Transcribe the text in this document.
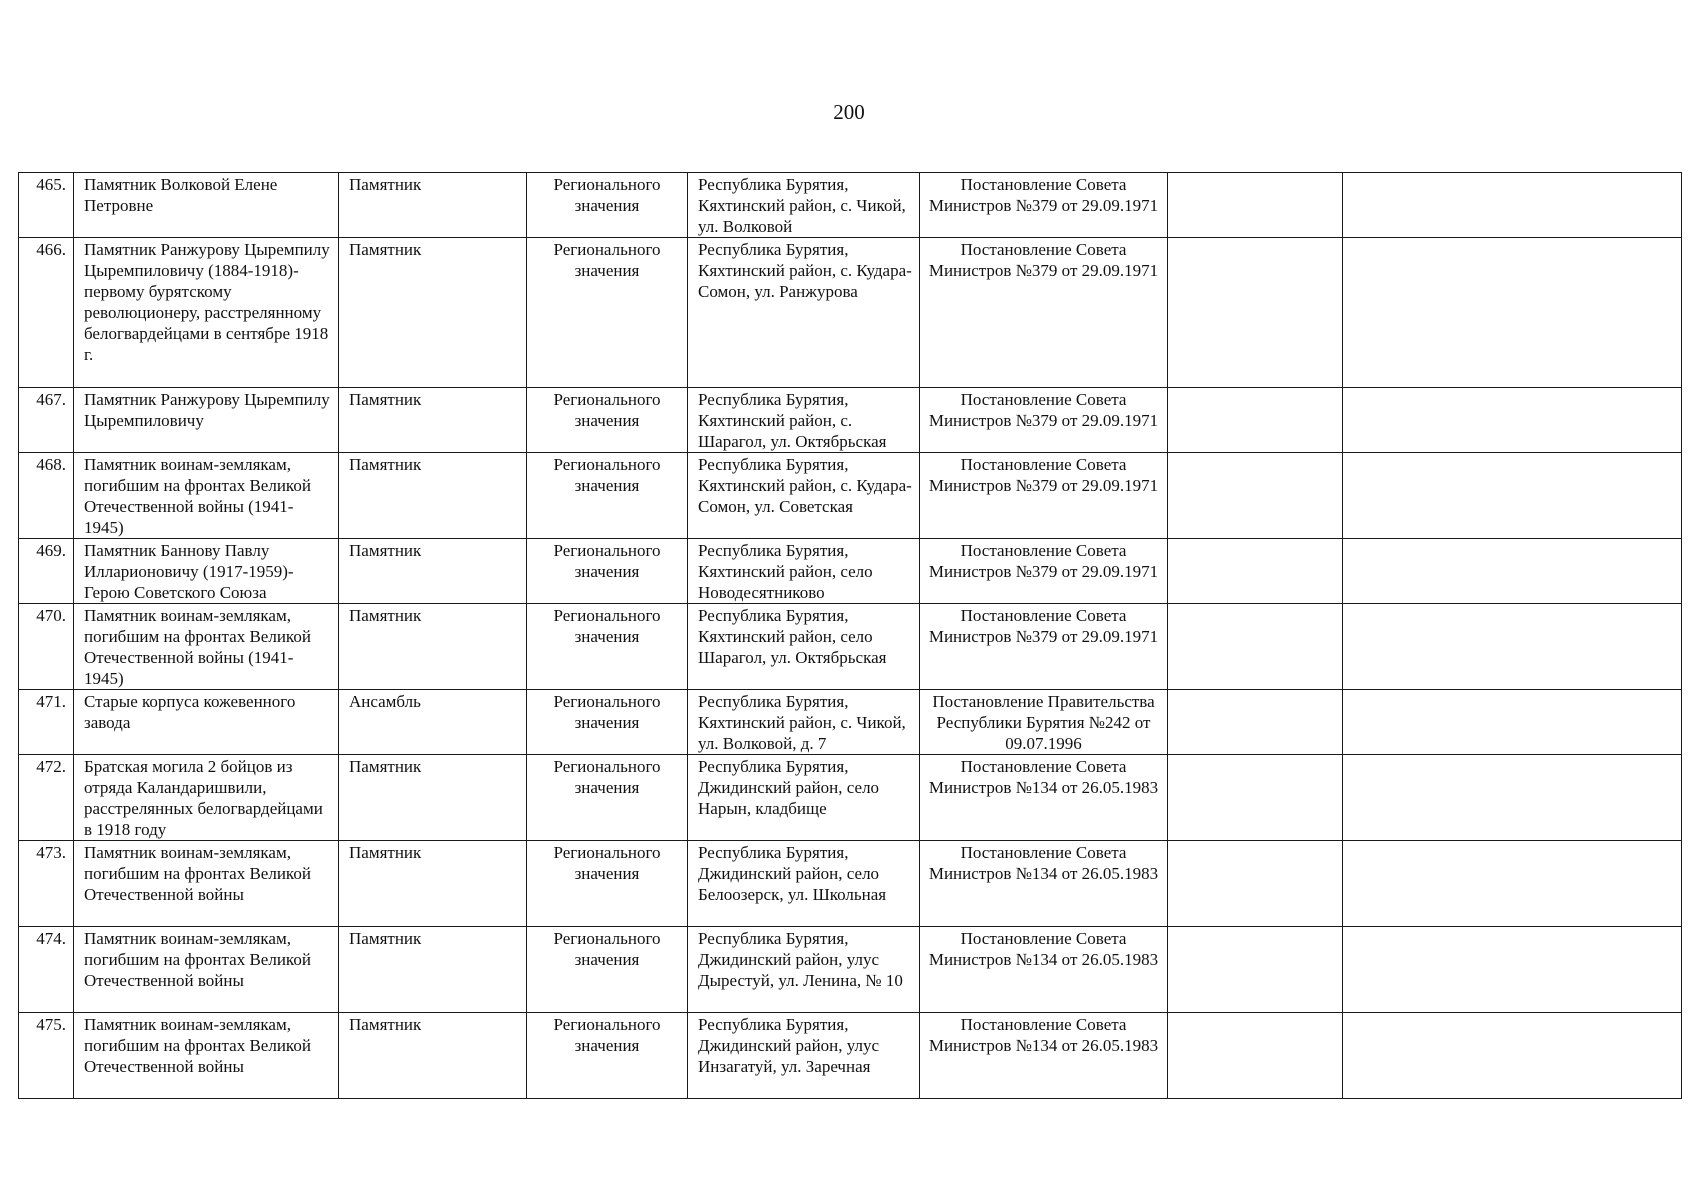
200
465.	Памятник Волковой Елене Петровне	Памятник	Регионального значения	Республика Бурятия, Кяхтинский район, с. Чикой, ул. Волковой	Постановление Совета Министров №379 от 29.09.1971		

466.	Памятник Ранжурову Цыремпилу Цыремпиловичу (1884-1918)-первому бурятскому революционеру, расстрелянному белогвардейцами в сентябре 1918 г.	Памятник	Регионального значения	Республика Бурятия, Кяхтинский район, с. Кудара-Сомон, ул. Ранжурова	Постановление Совета Министров №379 от 29.09.1971		

467.	Памятник Ранжурову Цыремпилу Цыремпиловичу	Памятник	Регионального значения	Республика Бурятия, Кяхтинский район, с. Шарагол, ул. Октябрьская	Постановление Совета Министров №379 от 29.09.1971		

468.	Памятник воинам-землякам, погибшим на фронтах Великой Отечественной войны (1941-1945)	Памятник	Регионального значения	Республика Бурятия, Кяхтинский район, с. Кудара-Сомон, ул. Советская	Постановление Совета Министров №379 от 29.09.1971		

469.	Памятник Баннову Павлу Илларионовичу (1917-1959)- Герою Советского Союза	Памятник	Регионального значения	Республика Бурятия, Кяхтинский район, село Новодесятниково	Постановление Совета Министров №379 от 29.09.1971		

470.	Памятник воинам-землякам, погибшим на фронтах Великой Отечественной войны (1941-1945)	Памятник	Регионального значения	Республика Бурятия, Кяхтинский район, село Шарагол, ул. Октябрьская	Постановление Совета Министров №379 от 29.09.1971		

471.	Старые корпуса кожевенного завода	Ансамбль	Регионального значения	Республика Бурятия, Кяхтинский район, с. Чикой, ул. Волковой, д. 7	Постановление Правительства Республики Бурятия №242 от 09.07.1996		

472.	Братская могила 2 бойцов из отряда Каландаришвили, расстрелянных белогвардейцами в 1918 году	Памятник	Регионального значения	Республика Бурятия, Джидинский район, село Нарын, кладбище	Постановление Совета Министров №134 от 26.05.1983		

473.	Памятник воинам-землякам, погибшим на фронтах Великой Отечественной войны	Памятник	Регионального значения	Республика Бурятия, Джидинский район, село Белоозерск, ул. Школьная	Постановление Совета Министров №134 от 26.05.1983		

474.	Памятник воинам-землякам, погибшим на фронтах Великой Отечественной войны	Памятник	Регионального значения	Республика Бурятия, Джидинский район, улус Дырестуй, ул. Ленина, № 10	Постановление Совета Министров №134 от 26.05.1983		

475.	Памятник воинам-землякам, погибшим на фронтах Великой Отечественной войны	Памятник	Регионального значения	Республика Бурятия, Джидинский район, улус Инзагатуй, ул. Заречная	Постановление Совета Министров №134 от 26.05.1983		
